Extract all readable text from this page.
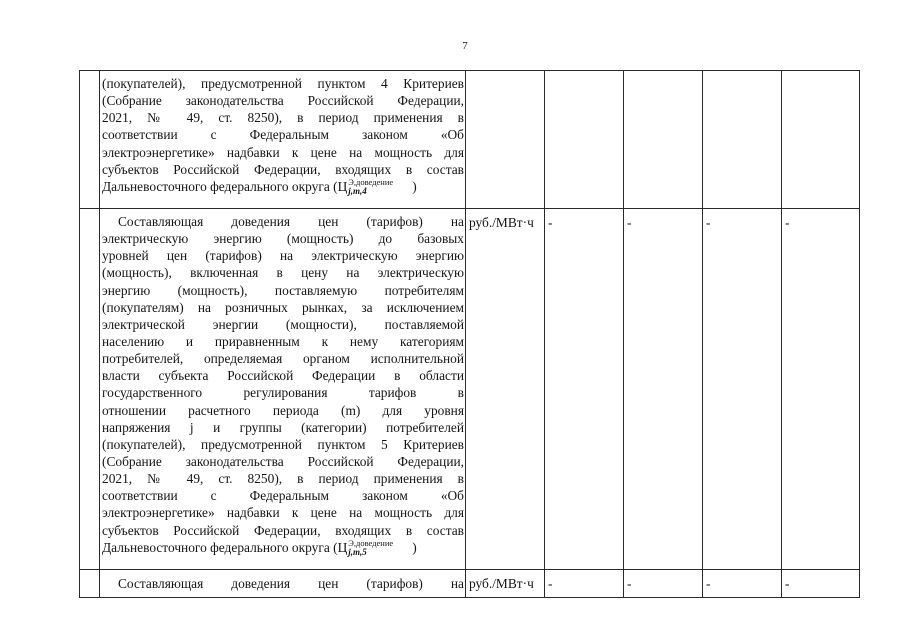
7
(покупателей), предусмотренной пунктом 4 Критериев
(Собрание законодательства Российской Федерации,
2021, № 49, ст. 8250), в период применения в
соответствии с Федеральным законом «Об
электроэнергетике» надбавки к цене на мощность для
субъектов Российской Федерации, входящих в состав
Дальневосточного федерального округа (Ц Э,доведение
j,m,4	)
Составляющая доведения цен (тарифов) на
электрическую энергию (мощность) до базовых
уровней цен (тарифов) на электрическую энергию
(мощность), включенная в цену на электрическую
энергию (мощность), поставляемую потребителям
(покупателям) на розничных рынках, за исключением
электрической энергии (мощности), поставляемой
населению и приравненным к нему категориям
потребителей, определяемая органом исполнительной
власти субъекта Российской Федерации в области
государственного регулирования тарифов в
отношении расчетного периода (m) для уровня
напряжения j и группы (категории) потребителей
(покупателей), предусмотренной пунктом 5 Критериев
(Собрание законодательства Российской Федерации,
2021, № 49, ст. 8250), в период применения в
соответствии с Федеральным законом «Об
электроэнергетике» надбавки к цене на мощность для
субъектов Российской Федерации, входящих в состав
Дальневосточного федерального округа (Ц Э,доведение
j,m,5	)
руб./МВт·ч	-	-	-	-
Составляющая доведения цен (тарифов) на руб./МВт·ч	-	-	-	-
